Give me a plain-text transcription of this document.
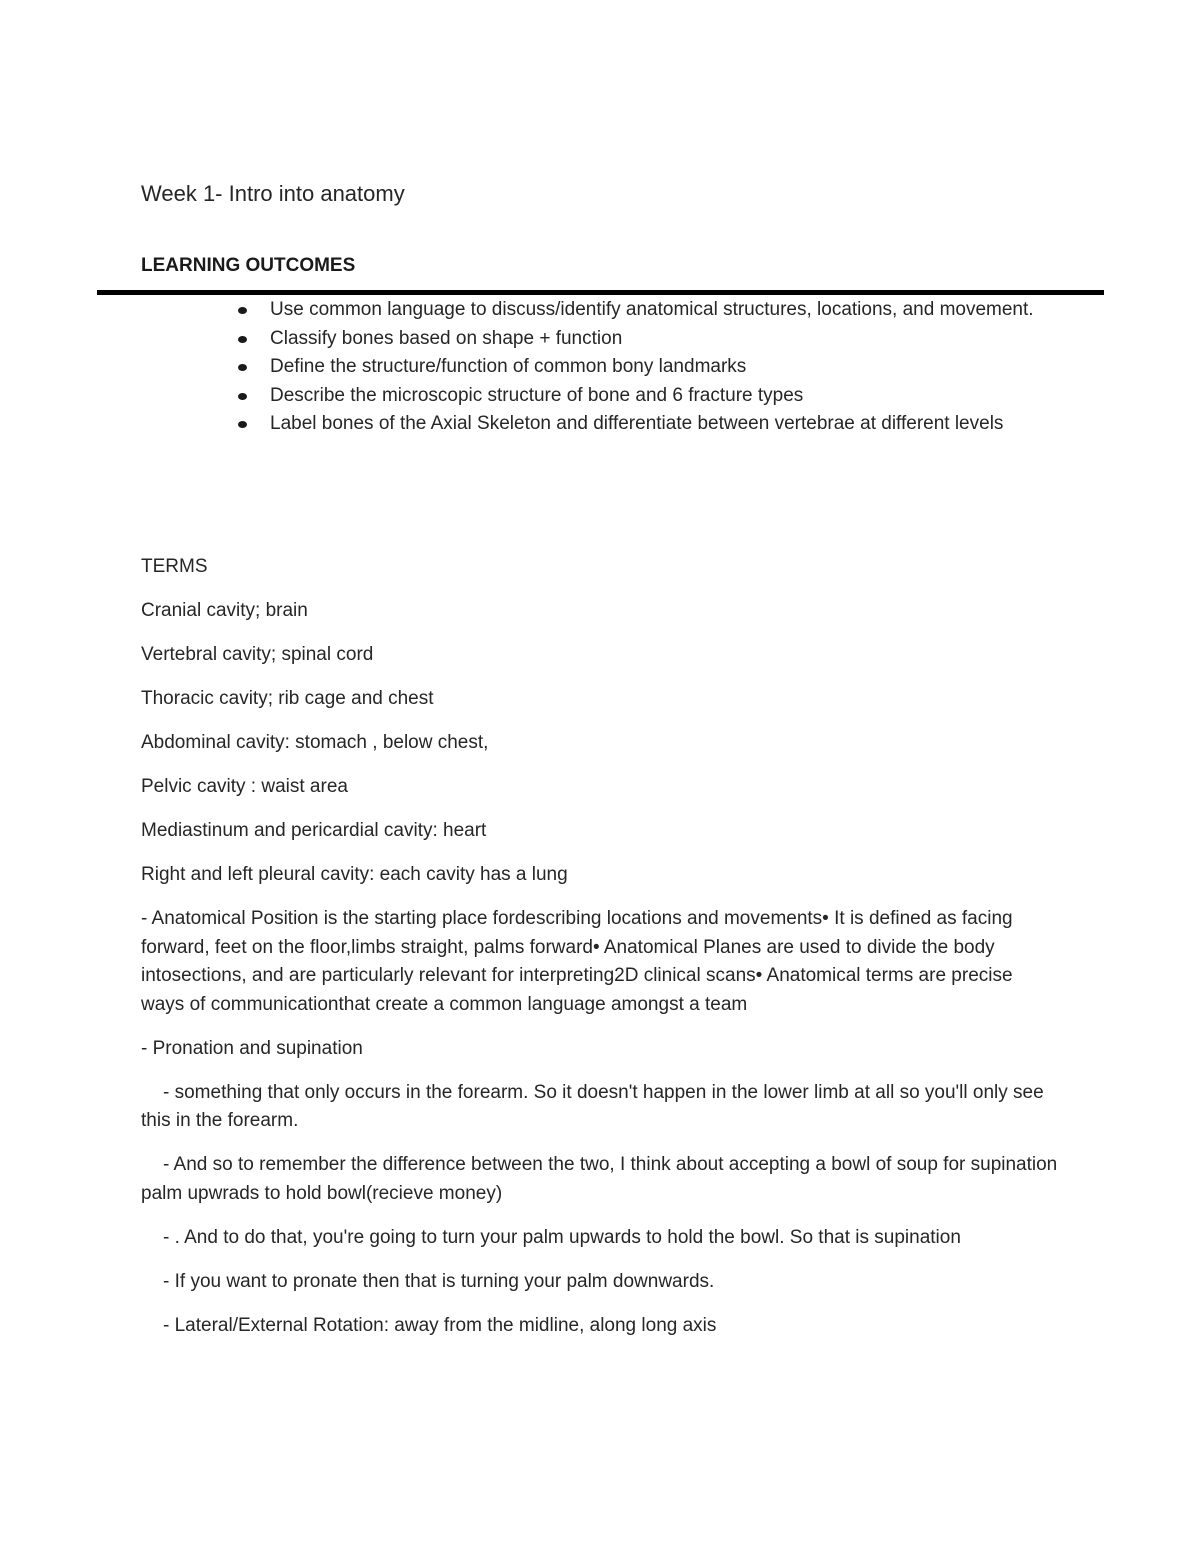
Week 1- Intro into anatomy
LEARNING OUTCOMES
Use common language to discuss/identify anatomical structures, locations, and movement.
Classify bones based on shape + function
Define the structure/function of common bony landmarks
Describe the microscopic structure of bone and 6 fracture types
Label bones of the Axial Skeleton and differentiate between vertebrae at different levels

TERMS

Cranial cavity; brain

Vertebral cavity; spinal cord

Thoracic cavity; rib cage and chest

Abdominal cavity: stomach , below chest,

Pelvic cavity : waist area

Mediastinum and pericardial cavity: heart

Right and left pleural cavity: each cavity has a lung

- Anatomical Position is the starting place fordescribing locations and movements• It is defined as facing forward, feet on the floor,limbs straight, palms forward• Anatomical Planes are used to divide the body intosections, and are particularly relevant for interpreting2D clinical scans• Anatomical terms are precise ways of communicationthat create a common language amongst a team

- Pronation and supination

- something that only occurs in the forearm. So it doesn't happen in the lower limb at all so you'll only see this in the forearm.

- And so to remember the difference between the two, I think about accepting a bowl of soup for supination palm upwrads to hold bowl(recieve money)

- . And to do that, you're going to turn your palm upwards to hold the bowl. So that is supination

- If you want to pronate then that is turning your palm downwards.

- Lateral/External Rotation: away from the midline, along long axis
